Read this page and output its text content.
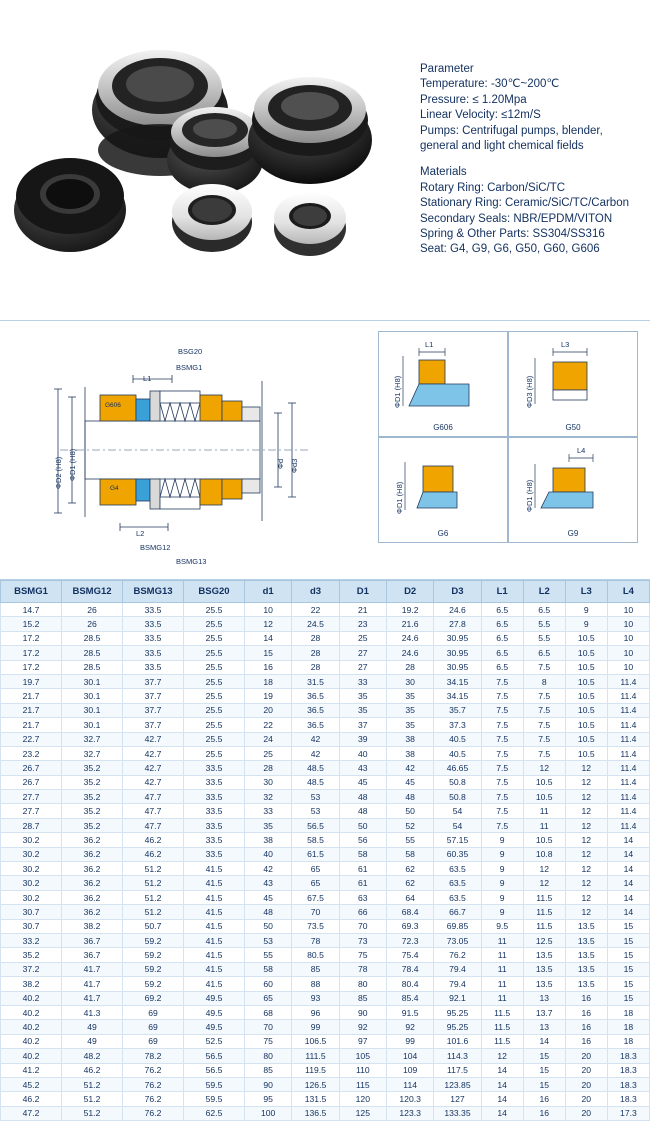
Parameter
Temperature: -30℃~200℃
Pressure: ≤ 1.20Mpa
Linear Velocity: ≤12m/S
Pumps: Centrifugal pumps, blender,
general and light chemical fields
Materials
Rotary Ring: Carbon/SiC/TC
Stationary Ring: Ceramic/SiC/TC/Carbon
Secondary Seals: NBR/EPDM/VITON
Spring & Other Parts: SS304/SS316
Seat: G4, G9, G6, G50, G60, G606
BSG20
BSMG1
L1
L2
BSMG12
BSMG13
G606
G4
ΦD1 (H8)
ΦD2 (H8)	Φd Φd3
L1
ΦD1 (H8)
G606
L3
ΦD3 (H8)
G50
ΦD1 (H8)
G6
L4
ΦD1 (H8)
G9
BSMG1	BSMG12	BSMG13	BSG20	d1	d3	D1	D2	D3	L1	L2	L3	L4
14.7	26	33.5	25.5	10	22	21	19.2	24.6	6.5	6.5	9	10
15.2	26	33.5	25.5	12	24.5	23	21.6	27.8	6.5	5.5	9	10
17.2	28.5	33.5	25.5	14	28	25	24.6	30.95	6.5	5.5	10.5	10
17.2	28.5	33.5	25.5	15	28	27	24.6	30.95	6.5	6.5	10.5	10
17.2	28.5	33.5	25.5	16	28	27	28	30.95	6.5	7.5	10.5	10
19.7	30.1	37.7	25.5	18	31.5	33	30	34.15	7.5	8	10.5	11.4
21.7	30.1	37.7	25.5	19	36.5	35	35	34.15	7.5	7.5	10.5	11.4
21.7	30.1	37.7	25.5	20	36.5	35	35	35.7	7.5	7.5	10.5	11.4
21.7	30.1	37.7	25.5	22	36.5	37	35	37.3	7.5	7.5	10.5	11.4
22.7	32.7	42.7	25.5	24	42	39	38	40.5	7.5	7.5	10.5	11.4
23.2	32.7	42.7	25.5	25	42	40	38	40.5	7.5	7.5	10.5	11.4
26.7	35.2	42.7	33.5	28	48.5	43	42	46.65	7.5	12	12	11.4
26.7	35.2	42.7	33.5	30	48.5	45	45	50.8	7.5	10.5	12	11.4
27.7	35.2	47.7	33.5	32	53	48	48	50.8	7.5	10.5	12	11.4
27.7	35.2	47.7	33.5	33	53	48	50	54	7.5	11	12	11.4
28.7	35.2	47.7	33.5	35	56.5	50	52	54	7.5	11	12	11.4
30.2	36.2	46.2	33.5	38	58.5	56	55	57.15	9	10.5	12	14
30.2	36.2	46.2	33.5	40	61.5	58	58	60.35	9	10.8	12	14
30.2	36.2	51.2	41.5	42	65	61	62	63.5	9	12	12	14
30.2	36.2	51.2	41.5	43	65	61	62	63.5	9	12	12	14
30.2	36.2	51.2	41.5	45	67.5	63	64	63.5	9	11.5	12	14
30.7	36.2	51.2	41.5	48	70	66	68.4	66.7	9	11.5	12	14
30.7	38.2	50.7	41.5	50	73.5	70	69.3	69.85	9.5	11.5	13.5	15
33.2	36.7	59.2	41.5	53	78	73	72.3	73.05	11	12.5	13.5	15
35.2	36.7	59.2	41.5	55	80.5	75	75.4	76.2	11	13.5	13.5	15
37.2	41.7	59.2	41.5	58	85	78	78.4	79.4	11	13.5	13.5	15
38.2	41.7	59.2	41.5	60	88	80	80.4	79.4	11	13.5	13.5	15
40.2	41.7	69.2	49.5	65	93	85	85.4	92.1	11	13	16	15
40.2	41.3	69	49.5	68	96	90	91.5	95.25	11.5	13.7	16	18
40.2	49	69	49.5	70	99	92	92	95.25	11.5	13	16	18
40.2	49	69	52.5	75	106.5	97	99	101.6	11.5	14	16	18
40.2	48.2	78.2	56.5	80	111.5	105	104	114.3	12	15	20	18.3
41.2	46.2	76.2	56.5	85	119.5	110	109	117.5	14	15	20	18.3
45.2	51.2	76.2	59.5	90	126.5	115	114	123.85	14	15	20	18.3
46.2	51.2	76.2	59.5	95	131.5	120	120.3	127	14	16	20	18.3
47.2	51.2	76.2	62.5	100	136.5	125	123.3	133.35	14	16	20	17.3
